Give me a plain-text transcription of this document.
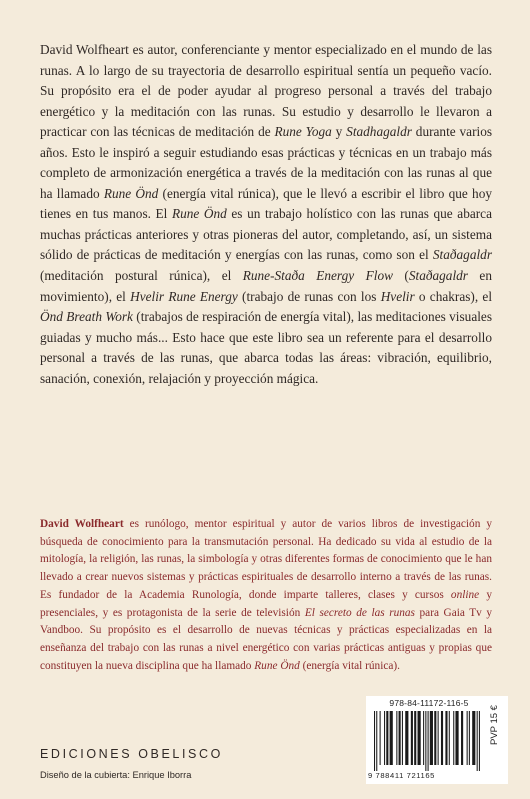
David Wolfheart es autor, conferenciante y mentor especializado en el mundo de las runas. A lo largo de su trayectoria de desarrollo espiritual sentía un pequeño vacío. Su propósito era el de poder ayudar al progreso personal a través del trabajo energético y la meditación con las runas. Su estudio y desarrollo le llevaron a practicar con las técnicas de meditación de Rune Yoga y Stadhagaldr durante varios años. Esto le inspiró a seguir estudiando esas prácticas y técnicas en un trabajo más completo de armonización energética a través de la meditación con las runas al que ha llamado Rune Önd (energía vital rúnica), que le llevó a escribir el libro que hoy tienes en tus manos. El Rune Önd es un trabajo holístico con las runas que abarca muchas prácticas anteriores y otras pioneras del autor, completando, así, un sistema sólido de prácticas de meditación y energías con las runas, como son el Staðagaldr (meditación postural rúnica), el Rune-Staða Energy Flow (Staðagaldr en movimiento), el Hvelir Rune Energy (trabajo de runas con los Hvelir o chakras), el Önd Breath Work (trabajos de respiración de energía vital), las meditaciones visuales guiadas y mucho más... Esto hace que este libro sea un referente para el desarrollo personal a través de las runas, que abarca todas las áreas: vibración, equilibrio, sanación, conexión, relajación y proyección mágica.
David Wolfheart es runólogo, mentor espiritual y autor de varios libros de investigación y búsqueda de conocimiento para la transmutación personal. Ha dedicado su vida al estudio de la mitología, la religión, las runas, la simbología y otras diferentes formas de conocimiento que le han llevado a crear nuevos sistemas y prácticas espirituales de desarrollo interno a través de las runas. Es fundador de la Academia Runología, donde imparte talleres, clases y cursos online y presenciales, y es protagonista de la serie de televisión El secreto de las runas para Gaia Tv y Vandboo. Su propósito es el desarrollo de nuevas técnicas y prácticas especializadas en la enseñanza del trabajo con las runas a nivel energético con varias prácticas antiguas y propias que constituyen la nueva disciplina que ha llamado Rune Önd (energía vital rúnica).
EDICIONES OBELISCO
Diseño de la cubierta: Enrique Iborra
978-84-11172-116-5
9 788411 721165
PVP 15 €
